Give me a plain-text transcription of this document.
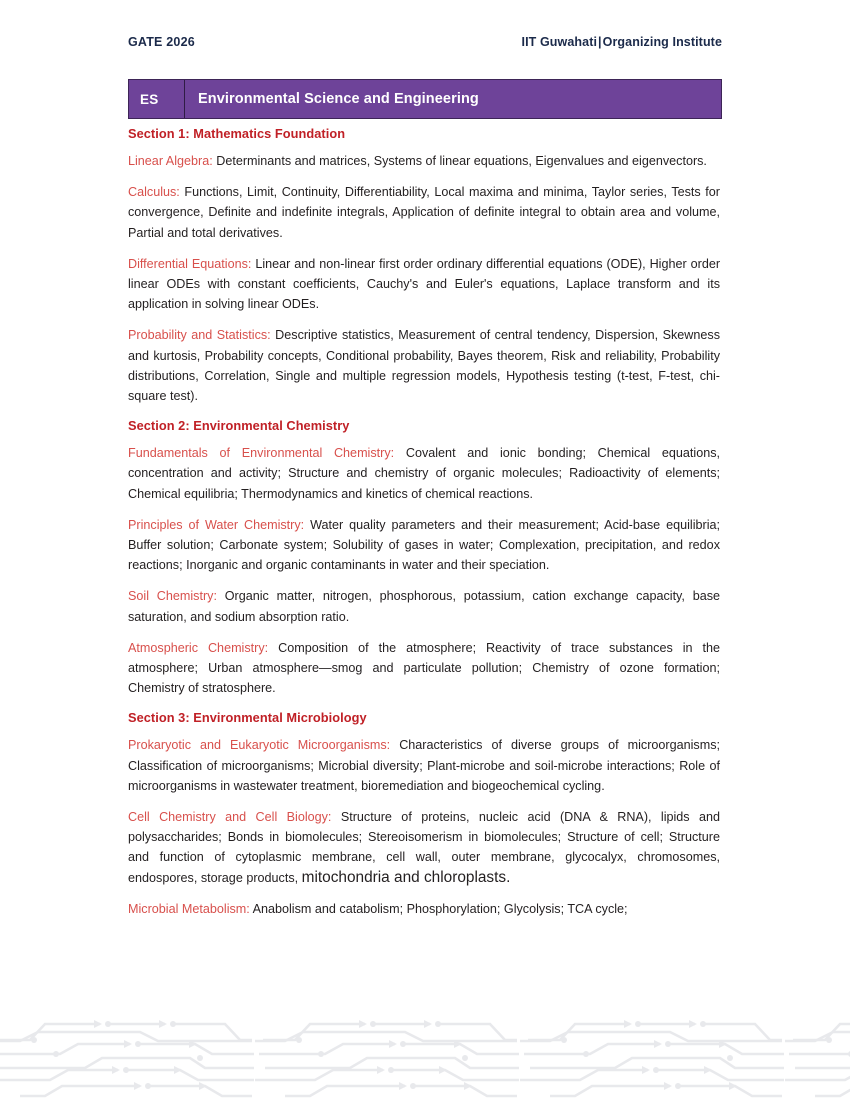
GATE 2026	IIT Guwahati|Organizing Institute
ES	Environmental Science and Engineering
Section 1: Mathematics Foundation

Linear Algebra: Determinants and matrices, Systems of linear equations, Eigenvalues and eigenvectors.

Calculus: Functions, Limit, Continuity, Differentiability, Local maxima and minima, Taylor series, Tests for convergence, Definite and indefinite integrals, Application of definite integral to obtain area and volume, Partial and total derivatives.

Differential Equations: Linear and non-linear first order ordinary differential equations (ODE), Higher order linear ODEs with constant coefficients, Cauchy's and Euler's equations, Laplace transform and its application in solving linear ODEs.

Probability and Statistics: Descriptive statistics, Measurement of central tendency, Dispersion, Skewness and kurtosis, Probability concepts, Conditional probability, Bayes theorem, Risk and reliability, Probability distributions, Correlation, Single and multiple regression models, Hypothesis testing (t-test, F-test, chi-square test).

Section 2: Environmental Chemistry

Fundamentals of Environmental Chemistry: Covalent and ionic bonding; Chemical equations, concentration and activity; Structure and chemistry of organic molecules; Radioactivity of elements; Chemical equilibria; Thermodynamics and kinetics of chemical reactions.

Principles of Water Chemistry: Water quality parameters and their measurement; Acid-base equilibria; Buffer solution; Carbonate system; Solubility of gases in water; Complexation, precipitation, and redox reactions; Inorganic and organic contaminants in water and their speciation.

Soil Chemistry: Organic matter, nitrogen, phosphorous, potassium, cation exchange capacity, base saturation, and sodium absorption ratio.

Atmospheric Chemistry: Composition of the atmosphere; Reactivity of trace substances in the atmosphere; Urban atmosphere—smog and particulate pollution; Chemistry of ozone formation; Chemistry of stratosphere.

Section 3: Environmental Microbiology

Prokaryotic and Eukaryotic Microorganisms: Characteristics of diverse groups of microorganisms; Classification of microorganisms; Microbial diversity; Plant-microbe and soil-microbe interactions; Role of microorganisms in wastewater treatment, bioremediation and biogeochemical cycling.

Cell Chemistry and Cell Biology: Structure of proteins, nucleic acid (DNA & RNA), lipids and polysaccharides; Bonds in biomolecules; Stereoisomerism in biomolecules; Structure of cell; Structure and function of cytoplasmic membrane, cell wall, outer membrane, glycocalyx, chromosomes, endospores, storage products, mitochondria and chloroplasts.

Microbial Metabolism: Anabolism and catabolism; Phosphorylation; Glycolysis; TCA cycle;
